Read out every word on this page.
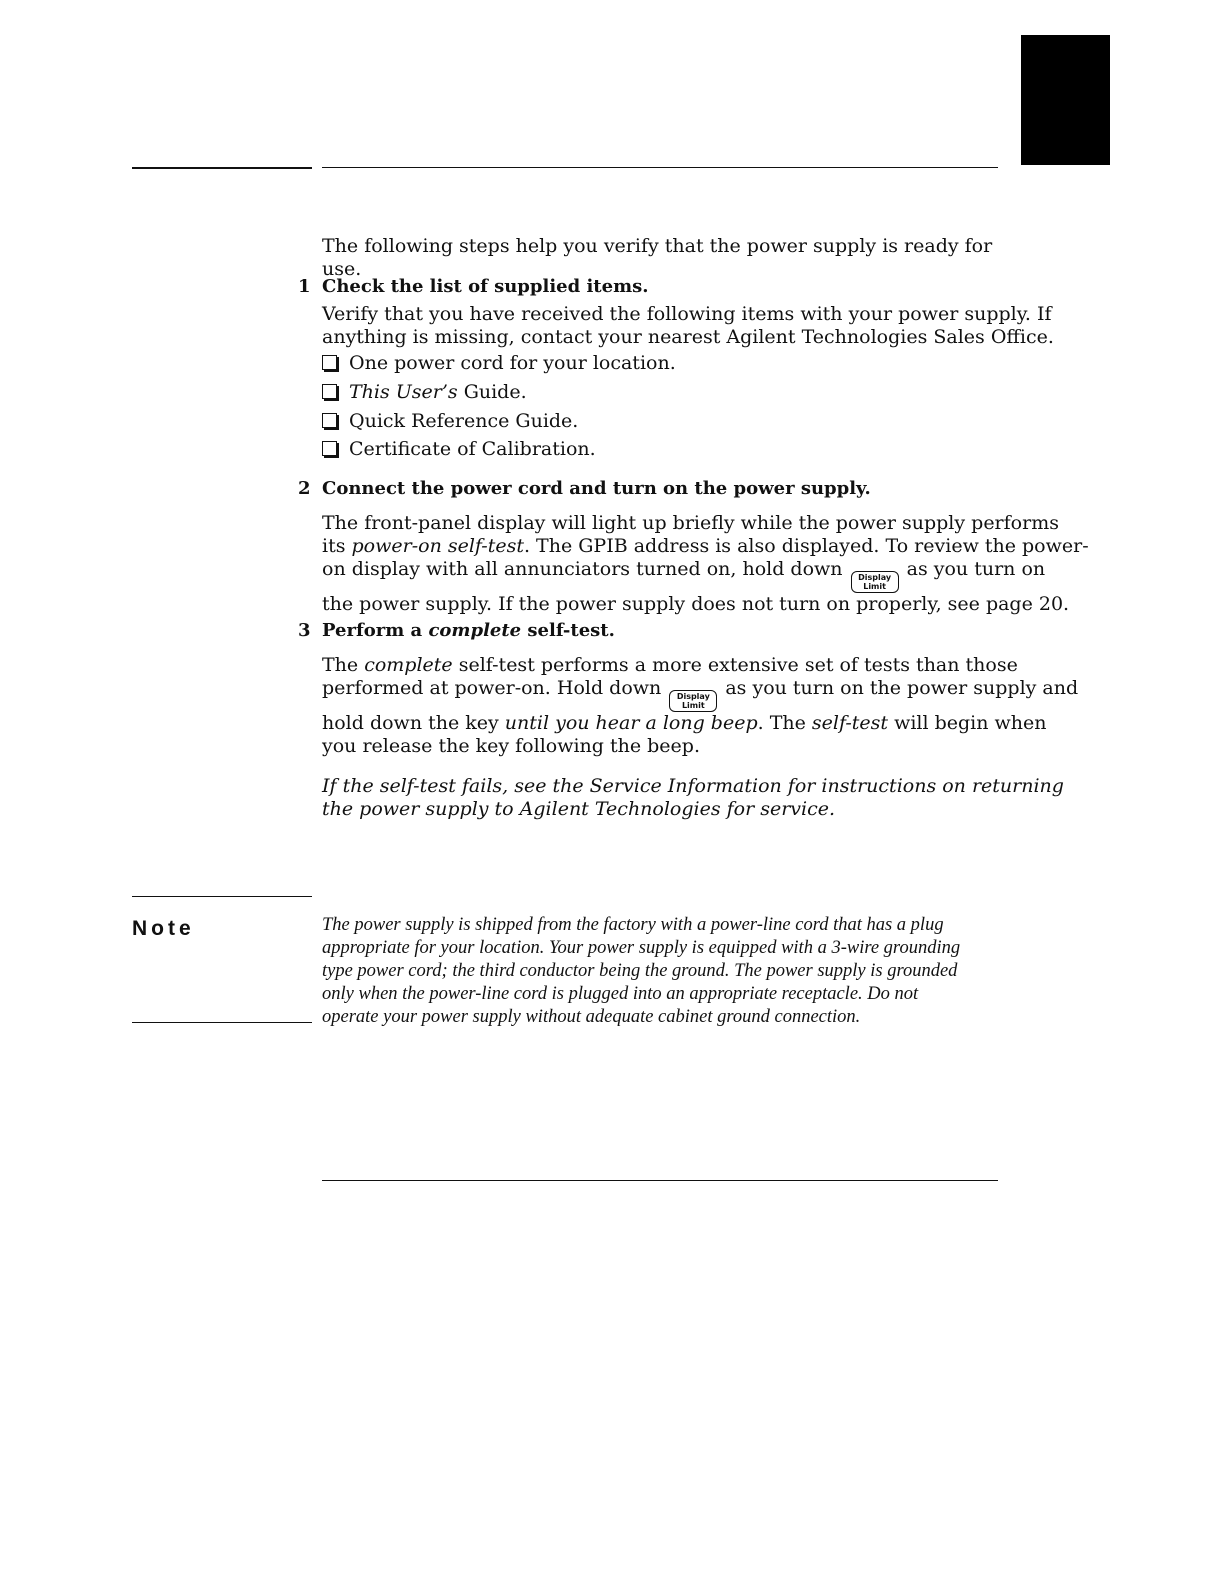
The following steps help you verify that the power supply is ready for use.
1 Check the list of supplied items.
Verify that you have received the following items with your power supply. If
anything is missing, contact your nearest Agilent Technologies Sales Office.
One power cord for your location.
This User’s Guide.
Quick Reference Guide.
Certificate of Calibration.
2 Connect the power cord and turn on the power supply.
The front-panel display will light up briefly while the power supply performs
its power-on self-test. The GPIB address is also displayed. To review the power-
on display with all annunciators turned on, hold down Display
Limit
as you turn on
the power supply. If the power supply does not turn on properly, see page 20.
3 Perform a complete self-test.
The complete self-test performs a more extensive set of tests than those
performed at power-on. Hold down Display
Limit
as you turn on the power supply and
hold down the key until you hear a long beep. The self-test will begin when
you release the key following the beep.
If the self-test fails, see the Service Information for instructions on returning
the power supply to Agilent Technologies for service.
Note	The power supply is shipped from the factory with a power-line cord that has a plug
appropriate for your location. Your power supply is equipped with a 3-wire grounding
type power cord; the third conductor being the ground. The power supply is grounded
only when the power-line cord is plugged into an appropriate receptacle. Do not
operate your power supply without adequate cabinet ground connection.
